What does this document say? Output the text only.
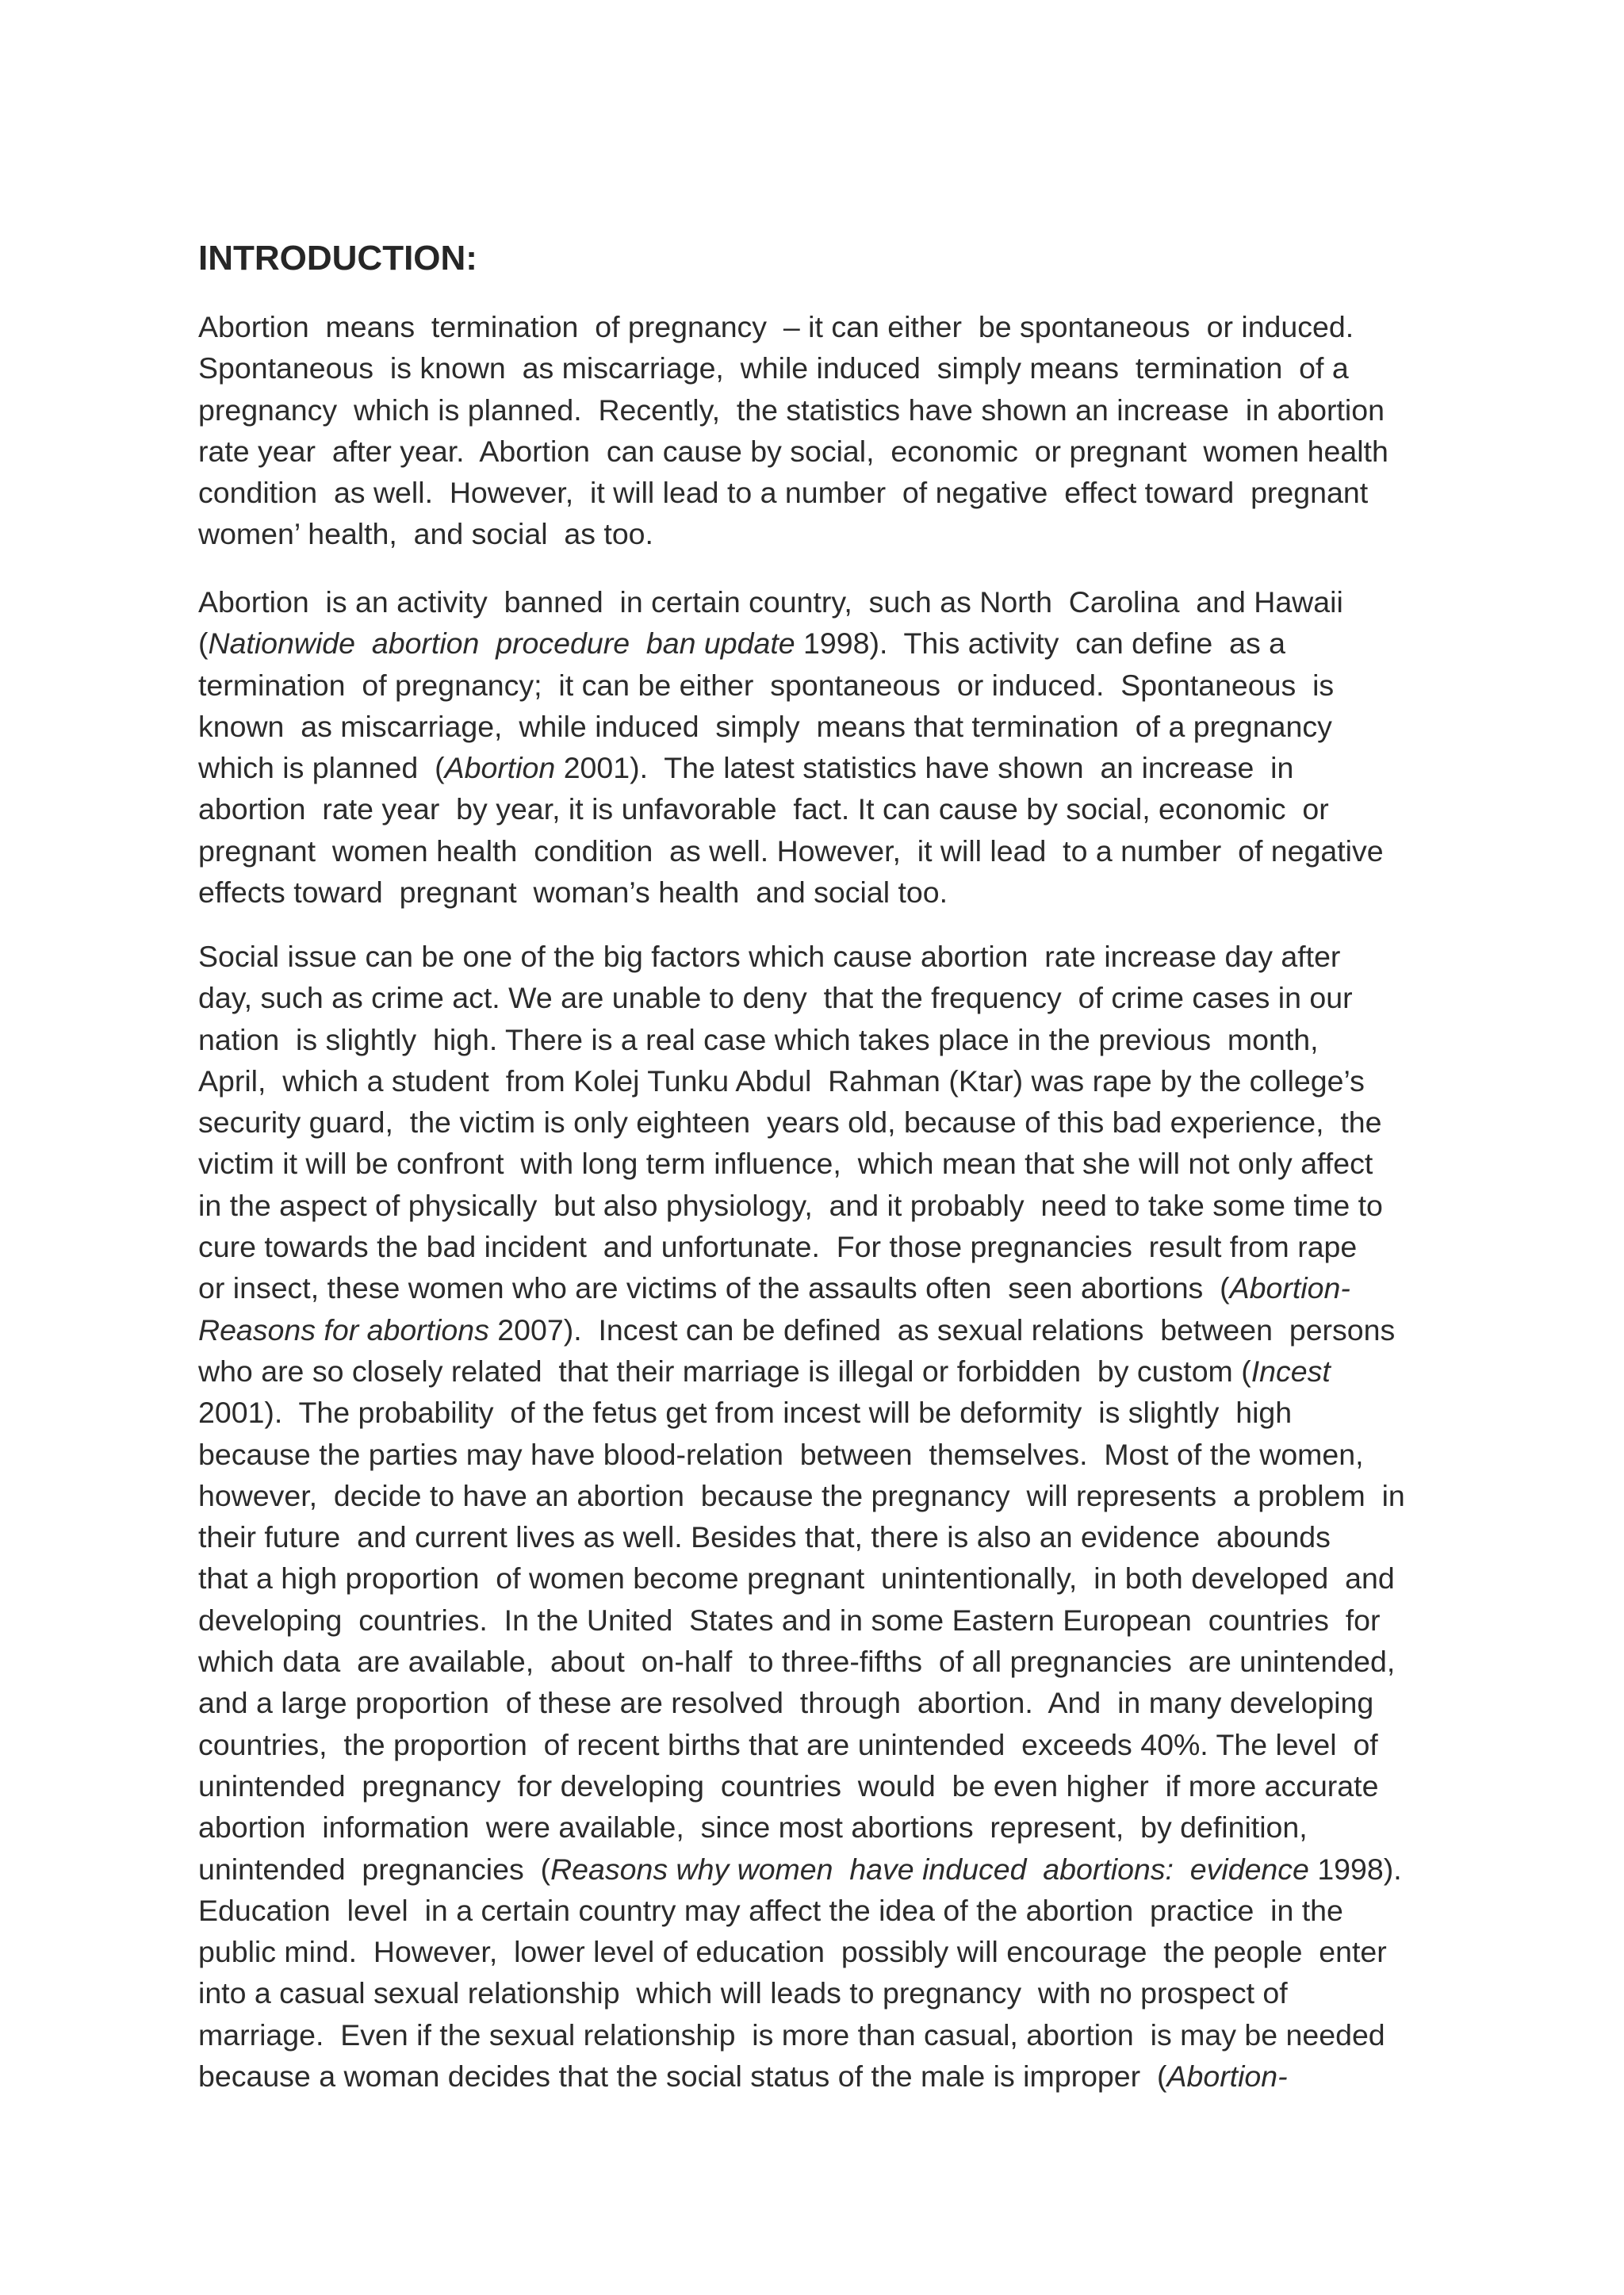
INTRODUCTION:
Abortion  means  termination  of pregnancy  – it can either  be spontaneous  or induced.
Spontaneous  is known  as miscarriage,  while induced  simply means  termination  of a
pregnancy  which is planned.  Recently,  the statistics have shown an increase  in abortion
rate year  after year.  Abortion  can cause by social,  economic  or pregnant  women health
condition  as well.  However,  it will lead to a number  of negative  effect toward  pregnant
women’ health,  and social  as too.
Abortion  is an activity  banned  in certain country,  such as North  Carolina  and Hawaii
(Nationwide  abortion  procedure  ban update 1998).  This activity  can define  as a
termination  of pregnancy;  it can be either  spontaneous  or induced.  Spontaneous  is
known  as miscarriage,  while induced  simply  means that termination  of a pregnancy
which is planned  (Abortion 2001).  The latest statistics have shown  an increase  in
abortion  rate year  by year, it is unfavorable  fact. It can cause by social, economic  or
pregnant  women health  condition  as well. However,  it will lead  to a number  of negative
effects toward  pregnant  woman’s health  and social too.
Social issue can be one of the big factors which cause abortion  rate increase day after
day, such as crime act. We are unable to deny  that the frequency  of crime cases in our
nation  is slightly  high. There is a real case which takes place in the previous  month,
April,  which a student  from Kolej Tunku Abdul  Rahman (Ktar) was rape by the college’s
security guard,  the victim is only eighteen  years old, because of this bad experience,  the
victim it will be confront  with long term influence,  which mean that she will not only affect
in the aspect of physically  but also physiology,  and it probably  need to take some time to
cure towards the bad incident  and unfortunate.  For those pregnancies  result from rape
or insect, these women who are victims of the assaults often  seen abortions  (Abortion-
Reasons for abortions 2007).  Incest can be defined  as sexual relations  between  persons
who are so closely related  that their marriage is illegal or forbidden  by custom (Incest
2001).  The probability  of the fetus get from incest will be deformity  is slightly  high
because the parties may have blood-relation  between  themselves.  Most of the women,
however,  decide to have an abortion  because the pregnancy  will represents  a problem  in
their future  and current lives as well. Besides that, there is also an evidence  abounds
that a high proportion  of women become pregnant  unintentionally,  in both developed  and
developing  countries.  In the United  States and in some Eastern European  countries  for
which data  are available,  about  on-half  to three-fifths  of all pregnancies  are unintended,
and a large proportion  of these are resolved  through  abortion.  And  in many developing
countries,  the proportion  of recent births that are unintended  exceeds 40%. The level  of
unintended  pregnancy  for developing  countries  would  be even higher  if more accurate
abortion  information  were available,  since most abortions  represent,  by definition,
unintended  pregnancies  (Reasons why women  have induced  abortions:  evidence 1998).
Education  level  in a certain country may affect the idea of the abortion  practice  in the
public mind.  However,  lower level of education  possibly will encourage  the people  enter
into a casual sexual relationship  which will leads to pregnancy  with no prospect of
marriage.  Even if the sexual relationship  is more than casual, abortion  is may be needed
because a woman decides that the social status of the male is improper  (Abortion-
